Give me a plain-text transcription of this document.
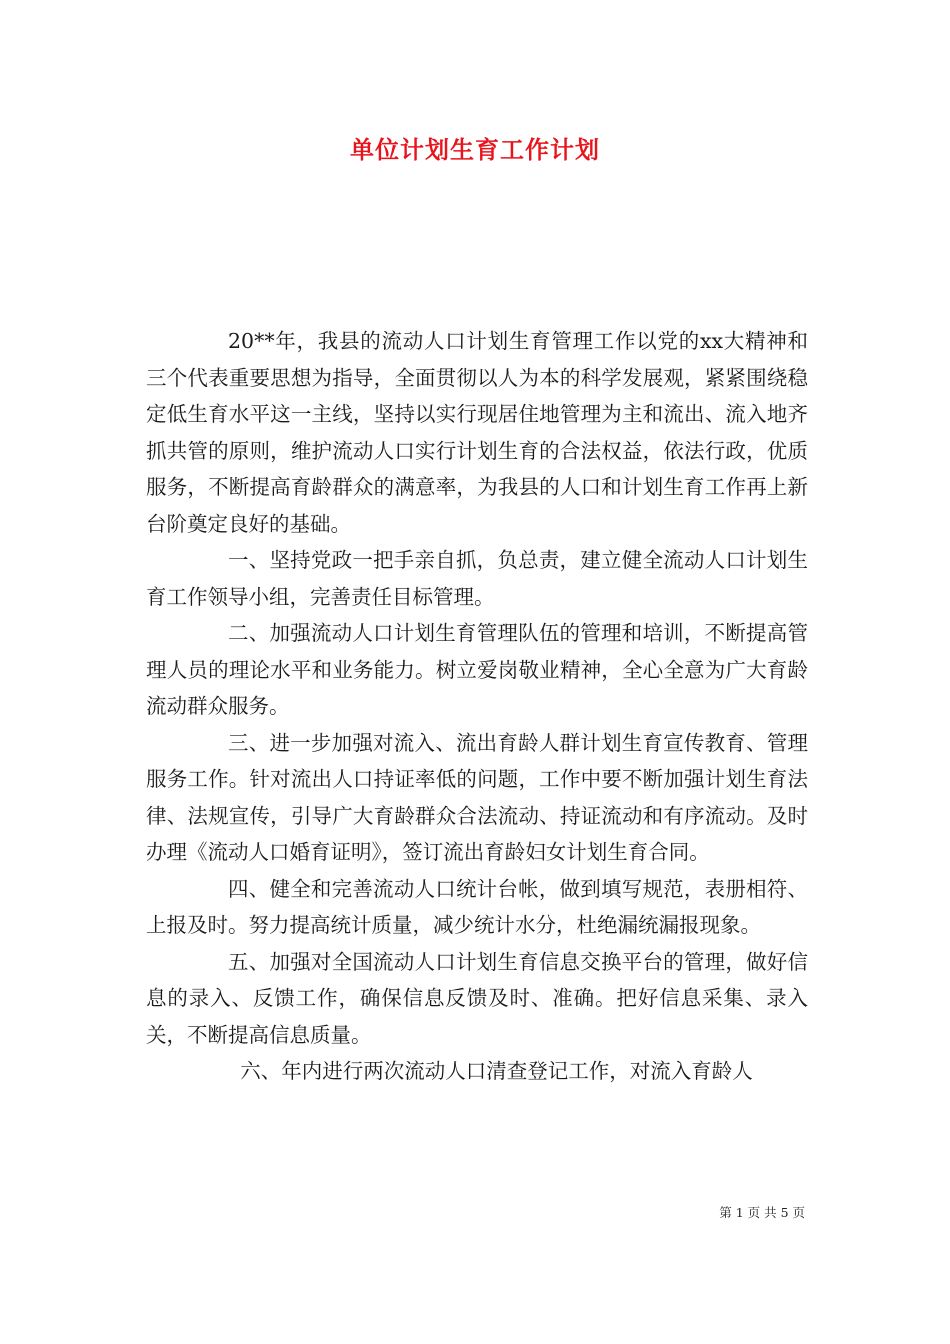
单位计划生育工作计划

20**年，我县的流动人口计划生育管理工作以党的xx大精神和三个代表重要思想为指导，全面贯彻以人为本的科学发展观，紧紧围绕稳定低生育水平这一主线，坚持以实行现居住地管理为主和流出、流入地齐抓共管的原则，维护流动人口实行计划生育的合法权益，依法行政，优质服务，不断提高育龄群众的满意率，为我县的人口和计划生育工作再上新台阶奠定良好的基础。

一、坚持党政一把手亲自抓，负总责，建立健全流动人口计划生育工作领导小组，完善责任目标管理。

二、加强流动人口计划生育管理队伍的管理和培训，不断提高管理人员的理论水平和业务能力。树立爱岗敬业精神，全心全意为广大育龄流动群众服务。

三、进一步加强对流入、流出育龄人群计划生育宣传教育、管理服务工作。针对流出人口持证率低的问题，工作中要不断加强计划生育法律、法规宣传，引导广大育龄群众合法流动、持证流动和有序流动。及时办理《流动人口婚育证明》，签订流出育龄妇女计划生育合同。

四、健全和完善流动人口统计台帐，做到填写规范，表册相符、上报及时。努力提高统计质量，减少统计水分，杜绝漏统漏报现象。

五、加强对全国流动人口计划生育信息交换平台的管理，做好信息的录入、反馈工作，确保信息反馈及时、准确。把好信息采集、录入关，不断提高信息质量。

六、年内进行两次流动人口清查登记工作，对流入育龄人

第 1 页 共 5 页
